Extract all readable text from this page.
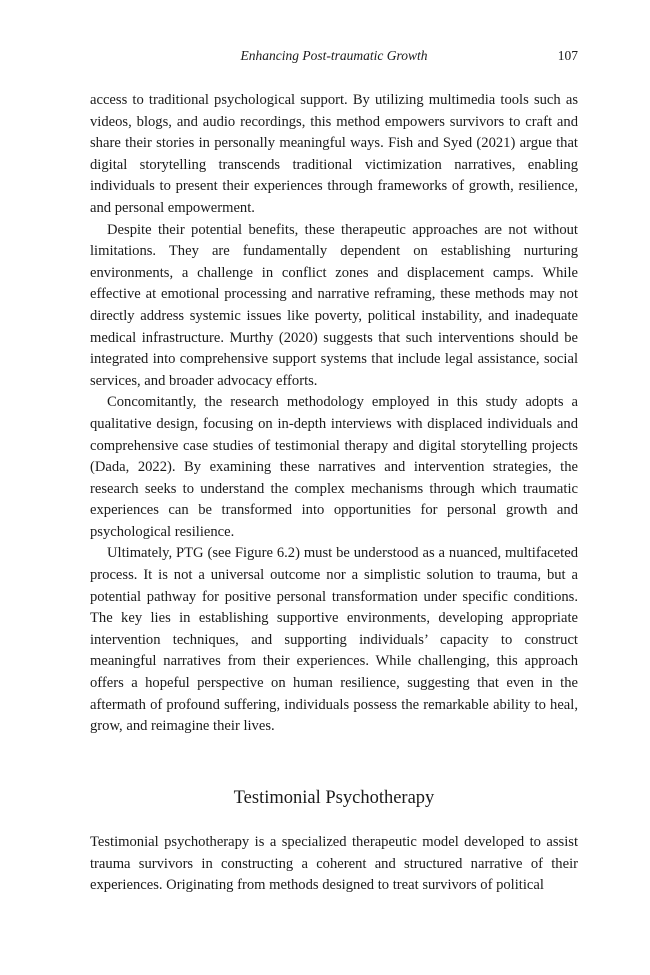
Enhancing Post-traumatic Growth	107

access to traditional psychological support. By utilizing multimedia tools such as videos, blogs, and audio recordings, this method empowers survivors to craft and share their stories in personally meaningful ways. Fish and Syed (2021) argue that digital storytelling transcends traditional victimization narratives, enabling individuals to present their experiences through frameworks of growth, resilience, and personal empowerment.

Despite their potential benefits, these therapeutic approaches are not without limitations. They are fundamentally dependent on establishing nurturing environments, a challenge in conflict zones and displacement camps. While effective at emotional processing and narrative reframing, these methods may not directly address systemic issues like poverty, political instability, and inadequate medical infrastructure. Murthy (2020) suggests that such interventions should be integrated into comprehensive support systems that include legal assistance, social services, and broader advocacy efforts.

Concomitantly, the research methodology employed in this study adopts a qualitative design, focusing on in-depth interviews with displaced individuals and comprehensive case studies of testimonial therapy and digital storytelling projects (Dada, 2022). By examining these narratives and intervention strategies, the research seeks to understand the complex mechanisms through which traumatic experiences can be transformed into opportunities for personal growth and psychological resilience.

Ultimately, PTG (see Figure 6.2) must be understood as a nuanced, multifaceted process. It is not a universal outcome nor a simplistic solution to trauma, but a potential pathway for positive personal transformation under specific conditions. The key lies in establishing supportive environments, developing appropriate intervention techniques, and supporting individuals’ capacity to construct meaningful narratives from their experiences. While challenging, this approach offers a hopeful perspective on human resilience, suggesting that even in the aftermath of profound suffering, individuals possess the remarkable ability to heal, grow, and reimagine their lives.

Testimonial Psychotherapy

Testimonial psychotherapy is a specialized therapeutic model developed to assist trauma survivors in constructing a coherent and structured narrative of their experiences. Originating from methods designed to treat survivors of political
